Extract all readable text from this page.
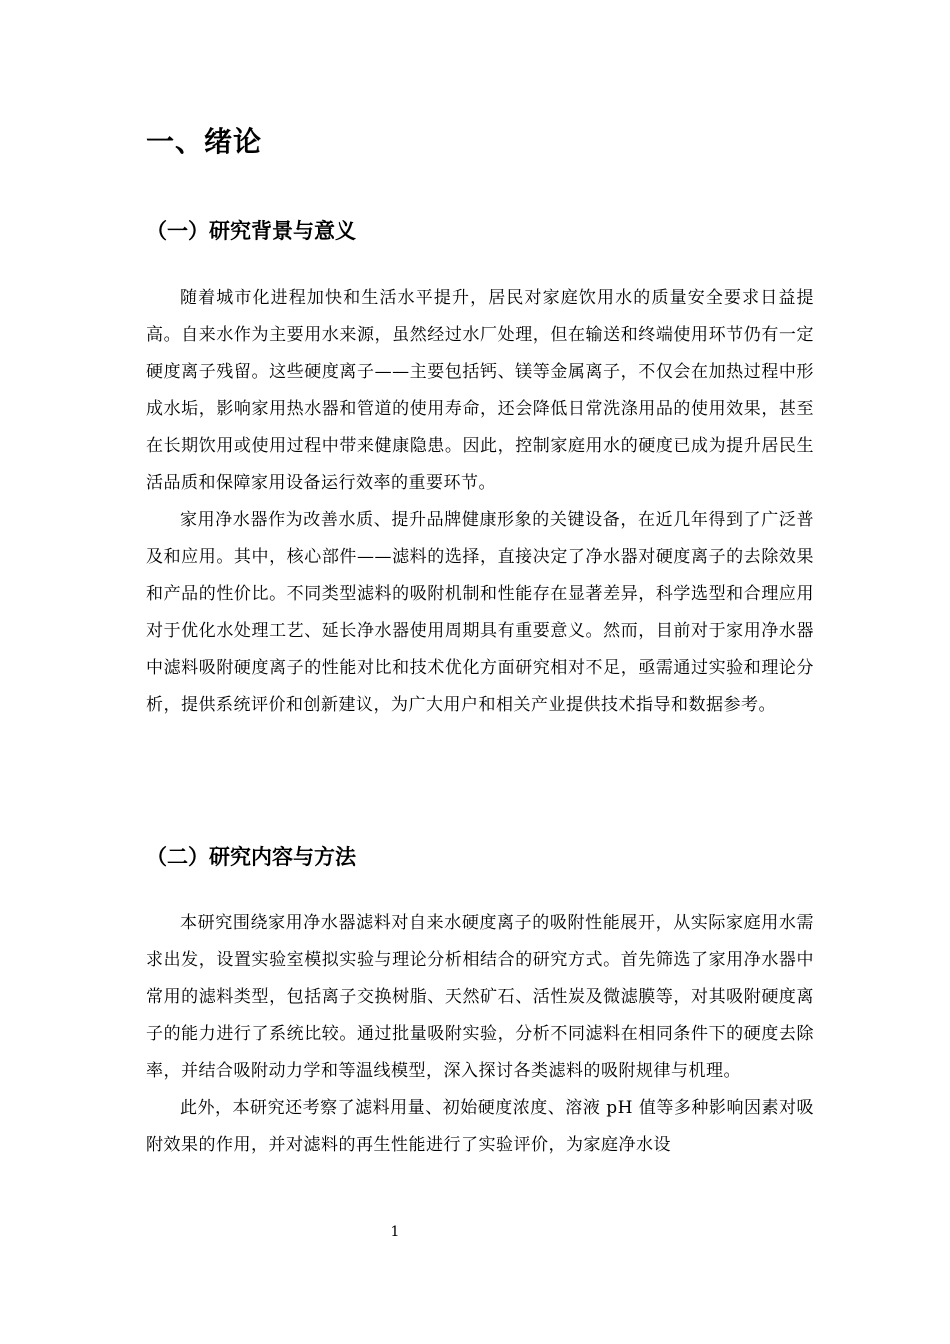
一、绪论
（一）研究背景与意义

随着城市化进程加快和生活水平提升，居民对家庭饮用水的质量安全要求日益提高。自来水作为主要用水来源，虽然经过水厂处理，但在输送和终端使用环节仍有一定硬度离子残留。这些硬度离子——主要包括钙、镁等金属离子，不仅会在加热过程中形成水垢，影响家用热水器和管道的使用寿命，还会降低日常洗涤用品的使用效果，甚至在长期饮用或使用过程中带来健康隐患。因此，控制家庭用水的硬度已成为提升居民生活品质和保障家用设备运行效率的重要环节。

家用净水器作为改善水质、提升品牌健康形象的关键设备，在近几年得到了广泛普及和应用。其中，核心部件——滤料的选择，直接决定了净水器对硬度离子的去除效果和产品的性价比。不同类型滤料的吸附机制和性能存在显著差异，科学选型和合理应用对于优化水处理工艺、延长净水器使用周期具有重要意义。然而，目前对于家用净水器中滤料吸附硬度离子的性能对比和技术优化方面研究相对不足，亟需通过实验和理论分析，提供系统评价和创新建议，为广大用户和相关产业提供技术指导和数据参考。

（二）研究内容与方法

本研究围绕家用净水器滤料对自来水硬度离子的吸附性能展开，从实际家庭用水需求出发，设置实验室模拟实验与理论分析相结合的研究方式。首先筛选了家用净水器中常用的滤料类型，包括离子交换树脂、天然矿石、活性炭及微滤膜等，对其吸附硬度离子的能力进行了系统比较。通过批量吸附实验，分析不同滤料在相同条件下的硬度去除率，并结合吸附动力学和等温线模型，深入探讨各类滤料的吸附规律与机理。

此外，本研究还考察了滤料用量、初始硬度浓度、溶液 pH 值等多种影响因素对吸附效果的作用，并对滤料的再生性能进行了实验评价，为家庭净水设

1
